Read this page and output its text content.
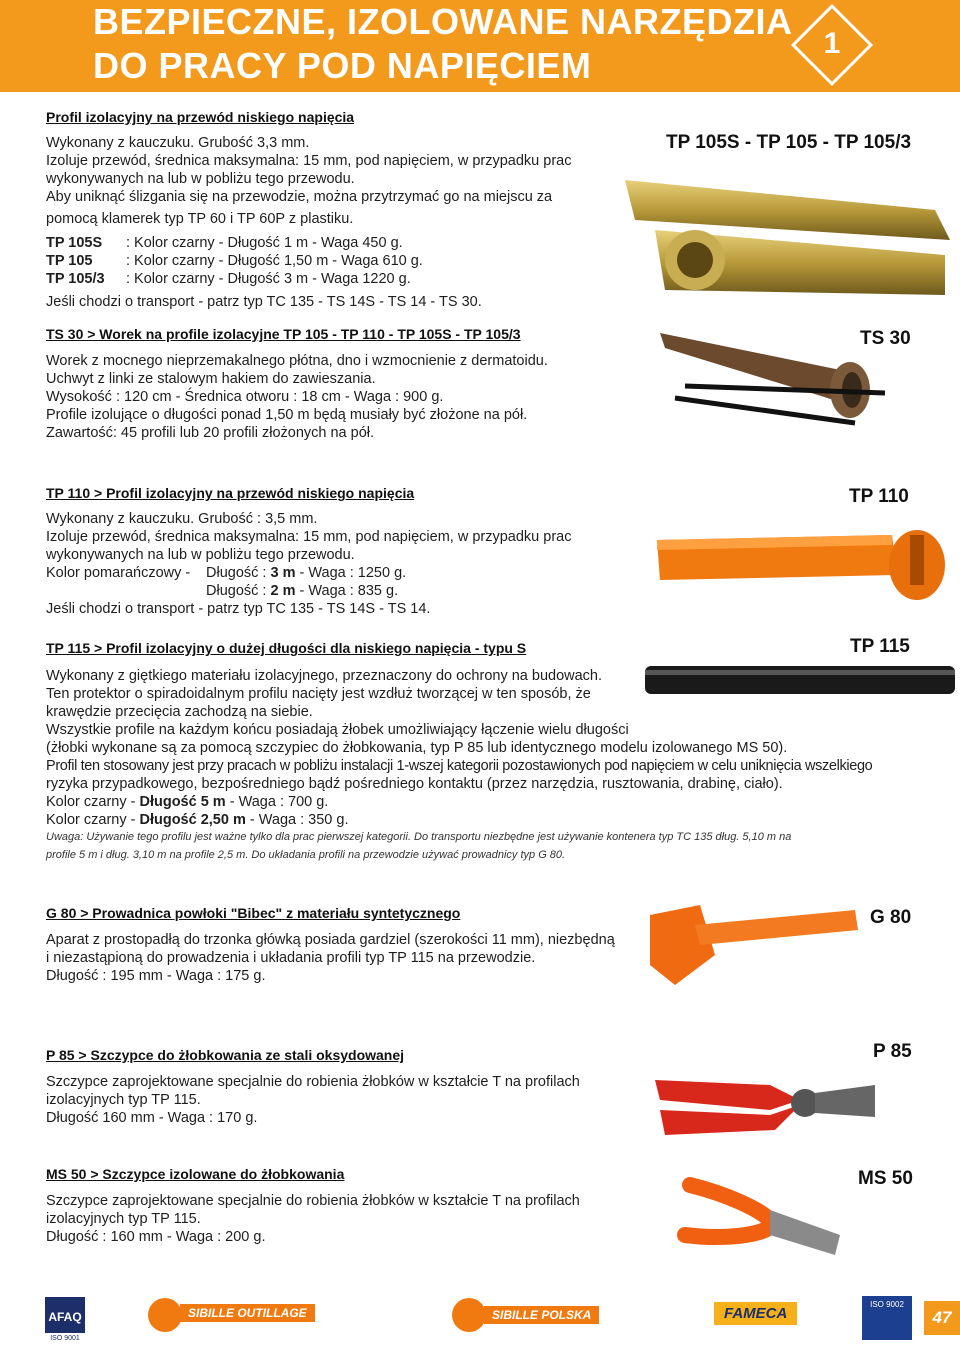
BEZPIECZNE, IZOLOWANE NARZĘDZIA
DO PRACY POD NAPIĘCIEM
1
Profil izolacyjny na przewód niskiego napięcia

Wykonany z kauczuku. Grubość 3,3 mm.

Izoluje przewód, średnica maksymalna: 15 mm, pod napięciem, w przypadku prac

wykonywanych na lub w pobliżu tego przewodu.

Aby uniknąć ślizgania się na przewodzie, można przytrzymać go na miejscu za

pomocą klamerek typ TP 60 i TP 60P z plastiku.

TP 105S	: Kolor czarny - Długość 1 m - Waga 450 g.
TP 105	: Kolor czarny - Długość 1,50 m - Waga 610 g.
TP 105/3	: Kolor czarny - Długość 3 m - Waga 1220 g.

Jeśli chodzi o transport - patrz typ TC 135 - TS 14S - TS 14 - TS 30.

TP 105S - TP 105 - TP 105/3
TS 30 > Worek na profile izolacyjne TP 105 - TP 110 - TP 105S - TP 105/3

Worek z mocnego nieprzemakalnego płótna, dno i wzmocnienie z dermatoidu.

Uchwyt z linki ze stalowym hakiem do zawieszania.

Wysokość : 120 cm - Średnica otworu : 18 cm - Waga : 900 g.

Profile izolujące o długości ponad 1,50 m będą musiały być złożone na pół.

Zawartość: 45 profili lub 20 profili złożonych na pół.

TS 30
TP 110 > Profil izolacyjny na przewód niskiego napięcia

Wykonany z kauczuku. Grubość : 3,5 mm.

Izoluje przewód, średnica maksymalna: 15 mm, pod napięciem, w przypadku prac

wykonywanych na lub w pobliżu tego przewodu.

Kolor pomarańczowy - Długość : 3 m - Waga : 1250 g.

Długość : 2 m - Waga : 835 g.

Jeśli chodzi o transport - patrz typ TC 135 - TS 14S - TS 14.

TP 110
TP 115 > Profil izolacyjny o dużej długości dla niskiego napięcia - typu S

Wykonany z giętkiego materiału izolacyjnego, przeznaczony do ochrony na budowach.

Ten protektor o spiradoidalnym profilu nacięty jest wzdłuż tworzącej w ten sposób, że

krawędzie przecięcia zachodzą na siebie.

Wszystkie profile na każdym końcu posiadają żłobek umożliwiający łączenie wielu długości

(żłobki wykonane są za pomocą szczypiec do żłobkowania, typ P 85 lub identycznego modelu izolowanego MS 50).

Profil ten stosowany jest przy pracach w pobliżu instalacji 1-wszej kategorii pozostawionych pod napięciem w celu uniknięcia wszelkiego

ryzyka przypadkowego, bezpośredniego bądź pośredniego kontaktu (przez narzędzia, rusztowania, drabinę, ciało).

Kolor czarny - Długość 5 m - Waga : 700 g.

Kolor czarny - Długość 2,50 m - Waga : 350 g.

Uwaga: Używanie tego profilu jest ważne tylko dla prac pierwszej kategorii. Do transportu niezbędne jest używanie kontenera typ TC 135 dług. 5,10 m na
profile 5 m i dług. 3,10 m na profile 2,5 m. Do układania profili na przewodzie używać prowadnicy typ G 80.
TP 115
G 80 > Prowadnica powłoki "Bibec" z materiału syntetycznego

Aparat z prostopadłą do trzonka główką posiada gardziel (szerokości 11 mm), niezbędną

i niezastąpioną do prowadzenia i układania profili typ TP 115 na przewodzie.

Długość : 195 mm - Waga : 175 g.

G 80
P 85 > Szczypce do żłobkowania ze stali oksydowanej

Szczypce zaprojektowane specjalnie do robienia żłobków w kształcie T na profilach

izolacyjnych typ TP 115.

Długość 160 mm - Waga : 170 g.

P 85
MS 50 > Szczypce izolowane do żłobkowania

Szczypce zaprojektowane specjalnie do robienia żłobków w kształcie T na profilach

izolacyjnych typ TP 115.

Długość : 160 mm - Waga : 200 g.

MS 50
AFAQ
ISO 9001
SIBILLE OUTILLAGE	SIBILLE POLSKA	FAMECA
ISO 9002
47
